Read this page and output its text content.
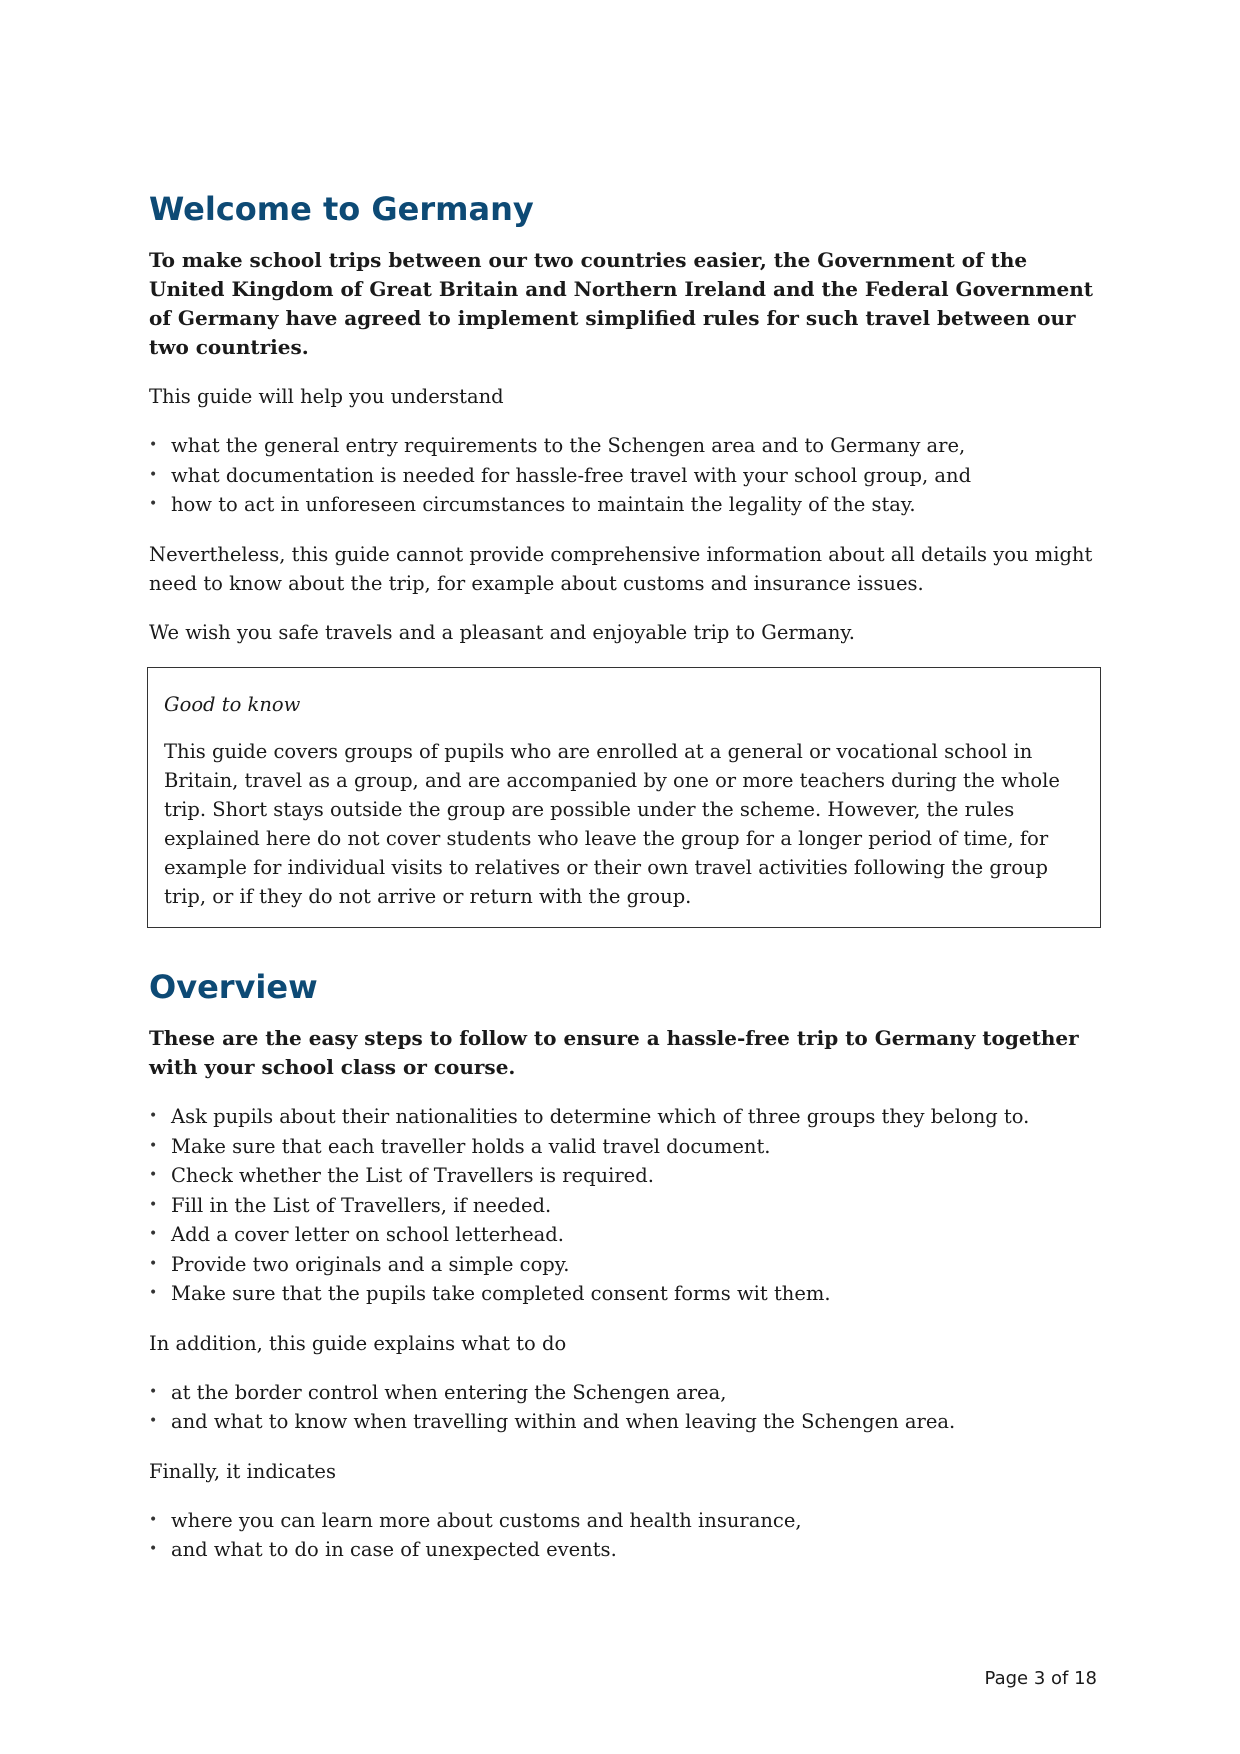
Welcome to Germany

To make school trips between our two countries easier, the Government of the United Kingdom of Great Britain and Northern Ireland and the Federal Government of Germany have agreed to implement simplified rules for such travel between our two countries.

This guide will help you understand

• what the general entry requirements to the Schengen area and to Germany are,
• what documentation is needed for hassle-free travel with your school group, and
• how to act in unforeseen circumstances to maintain the legality of the stay.

Nevertheless, this guide cannot provide comprehensive information about all details you might need to know about the trip, for example about customs and insurance issues.

We wish you safe travels and a pleasant and enjoyable trip to Germany.

Good to know

This guide covers groups of pupils who are enrolled at a general or vocational school in Britain, travel as a group, and are accompanied by one or more teachers during the whole trip. Short stays outside the group are possible under the scheme. However, the rules explained here do not cover students who leave the group for a longer period of time, for example for individual visits to relatives or their own travel activities following the group trip, or if they do not arrive or return with the group.

Overview

These are the easy steps to follow to ensure a hassle-free trip to Germany together with your school class or course.

• Ask pupils about their nationalities to determine which of three groups they belong to.
• Make sure that each traveller holds a valid travel document.
• Check whether the List of Travellers is required.
• Fill in the List of Travellers, if needed.
• Add a cover letter on school letterhead.
• Provide two originals and a simple copy.
• Make sure that the pupils take completed consent forms wit them.

In addition, this guide explains what to do

• at the border control when entering the Schengen area,
• and what to know when travelling within and when leaving the Schengen area.

Finally, it indicates

• where you can learn more about customs and health insurance,
• and what to do in case of unexpected events.
Page 3 of 18
